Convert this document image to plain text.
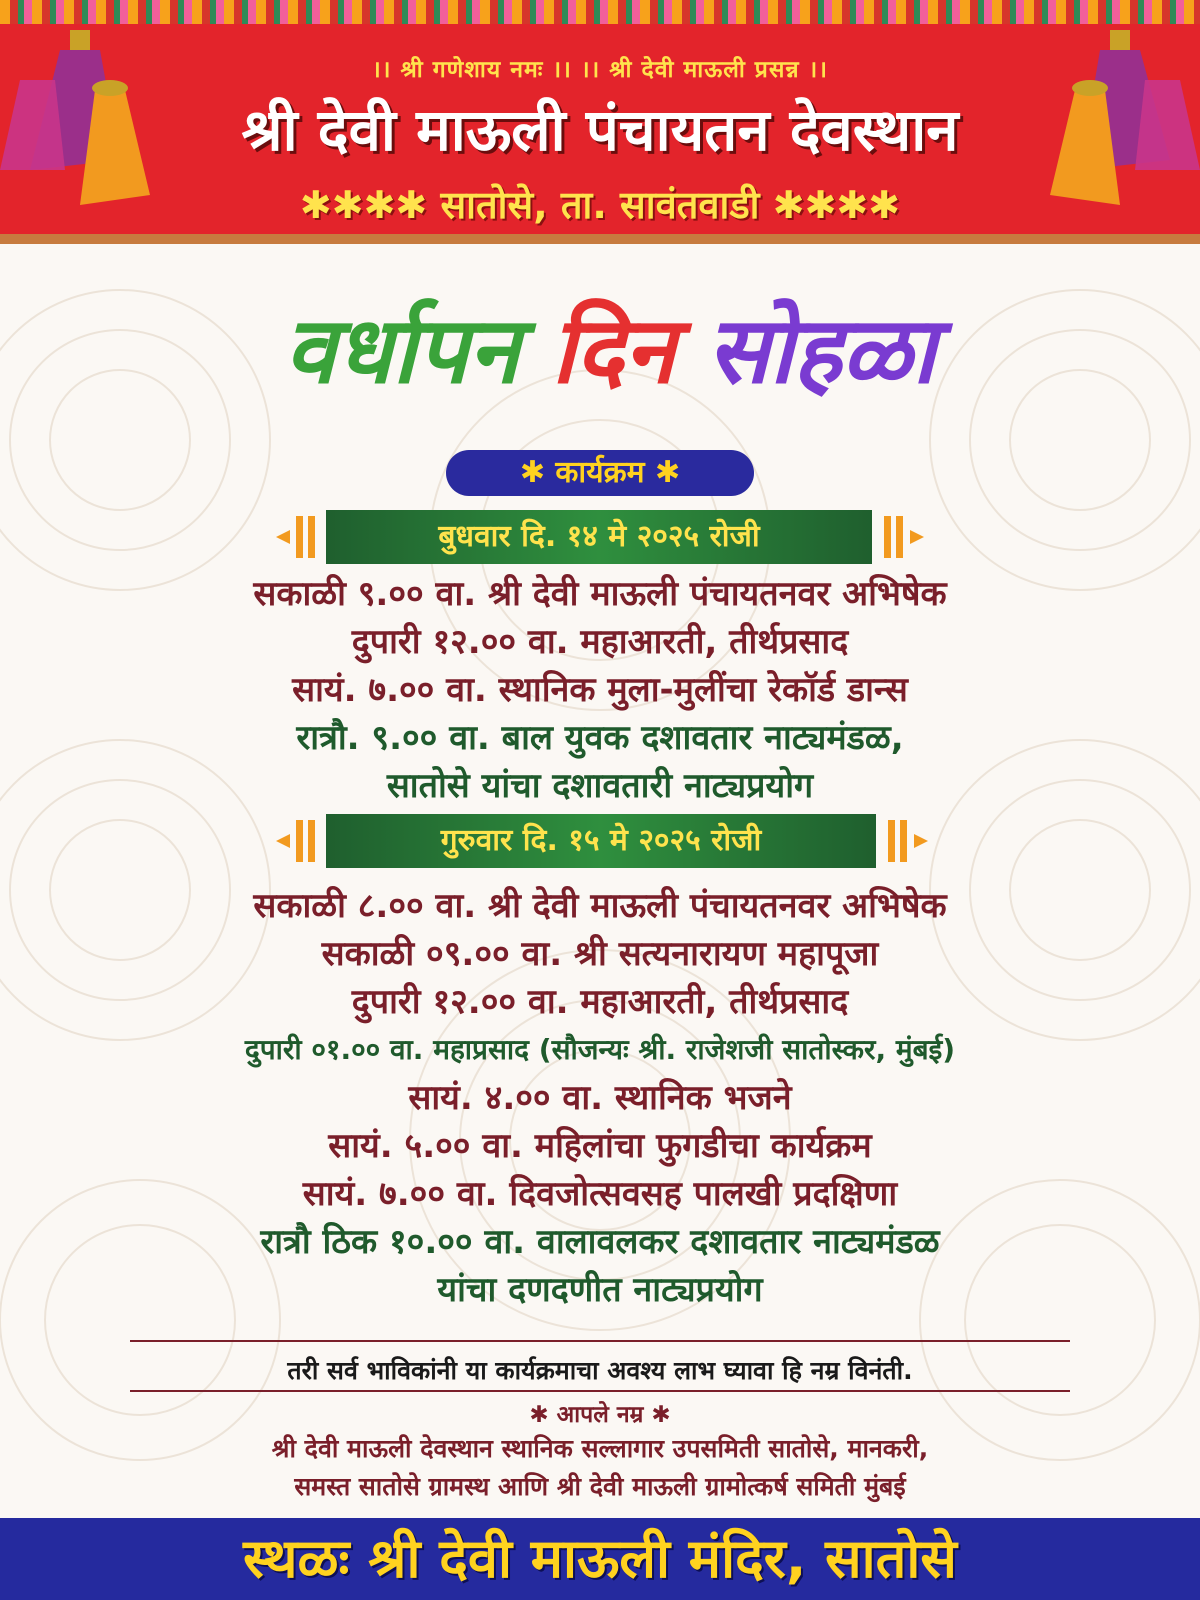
।। श्री गणेशाय नमः ।। ।। श्री देवी माऊली प्रसन्न ।।
श्री देवी माऊली पंचायतन देवस्थान
✱✱✱✱ सातोसे, ता. सावंतवाडी ✱✱✱✱
वर्धापन दिन सोहळा
✱ कार्यक्रम ✱
बुधवार दि. १४ मे २०२५ रोजी
सकाळी ९.०० वा. श्री देवी माऊली पंचायतनवर अभिषेक
दुपारी १२.०० वा. महाआरती, तीर्थप्रसाद
सायं. ७.०० वा. स्थानिक मुला-मुलींचा रेकॉर्ड डान्स
रात्रौ. ९.०० वा. बाल युवक दशावतार नाट्यमंडळ,
सातोसे यांचा दशावतारी नाट्यप्रयोग
गुरुवार दि. १५ मे २०२५ रोजी
सकाळी ८.०० वा. श्री देवी माऊली पंचायतनवर अभिषेक
सकाळी ०९.०० वा. श्री सत्यनारायण महापूजा
दुपारी १२.०० वा. महाआरती, तीर्थप्रसाद
दुपारी ०१.०० वा. महाप्रसाद (सौजन्यः श्री. राजेशजी सातोस्कर, मुंबई)
सायं. ४.०० वा. स्थानिक भजने
सायं. ५.०० वा. महिलांचा फुगडीचा कार्यक्रम
सायं. ७.०० वा. दिवजोत्सवसह पालखी प्रदक्षिणा
रात्रौ ठिक १०.०० वा. वालावलकर दशावतार नाट्यमंडळ
यांचा दणदणीत नाट्यप्रयोग
तरी सर्व भाविकांनी या कार्यक्रमाचा अवश्य लाभ घ्यावा हि नम्र विनंती.
✱ आपले नम्र ✱
श्री देवी माऊली देवस्थान स्थानिक सल्लागार उपसमिती सातोसे, मानकरी,
समस्त सातोसे ग्रामस्थ आणि श्री देवी माऊली ग्रामोत्कर्ष समिती मुंबई
स्थळः श्री देवी माऊली मंदिर, सातोसे
